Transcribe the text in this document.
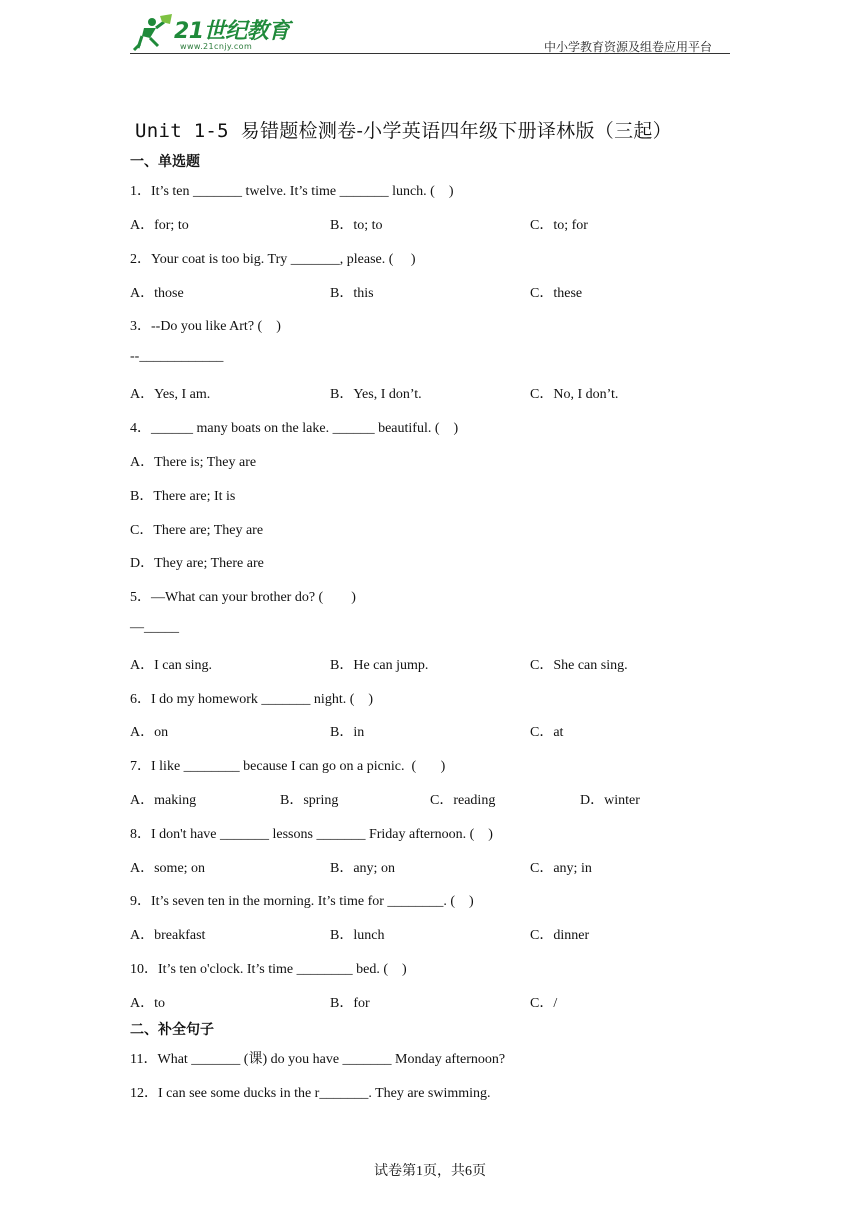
21世纪教育
www.21cnjy.com	中小学教育资源及组卷应用平台
Unit 1-5 易错题检测卷-小学英语四年级下册译林版（三起）
一、单选题
1．It’s ten _______ twelve. It’s time _______ lunch. (    )
A．for; to	B．to; to	C．to; for
2．Your coat is too big. Try _______, please. (     )
A．those	B．this	C．these
3．--Do you like Art? (    )
--____________
A．Yes, I am.	B．Yes, I don’t.	C．No, I don’t.
4．______ many boats on the lake. ______ beautiful. (    )
A．There is; They are
B．There are; It is
C．There are; They are
D．They are; There are
5．—What can your brother do? (        )
—_____
A．I can sing.	B．He can jump.	C．She can sing.
6．I do my homework _______ night. (    )
A．on	B．in	C．at
7．I like ________ because I can go on a picnic.  (       )
A．making	B．spring	C．reading	D．winter
8．I don't have _______ lessons _______ Friday afternoon. (    )
A．some; on	B．any; on	C．any; in
9．It’s seven ten in the morning. It’s time for ________. (    )
A．breakfast	B．lunch	C．dinner
10．It’s ten o'clock. It’s time ________ bed. (    )
A．to	B．for	C．/
二、补全句子
11．What _______ (课) do you have _______ Monday afternoon?
12．I can see some ducks in the r_______. They are swimming.
试卷第1页，共6页
